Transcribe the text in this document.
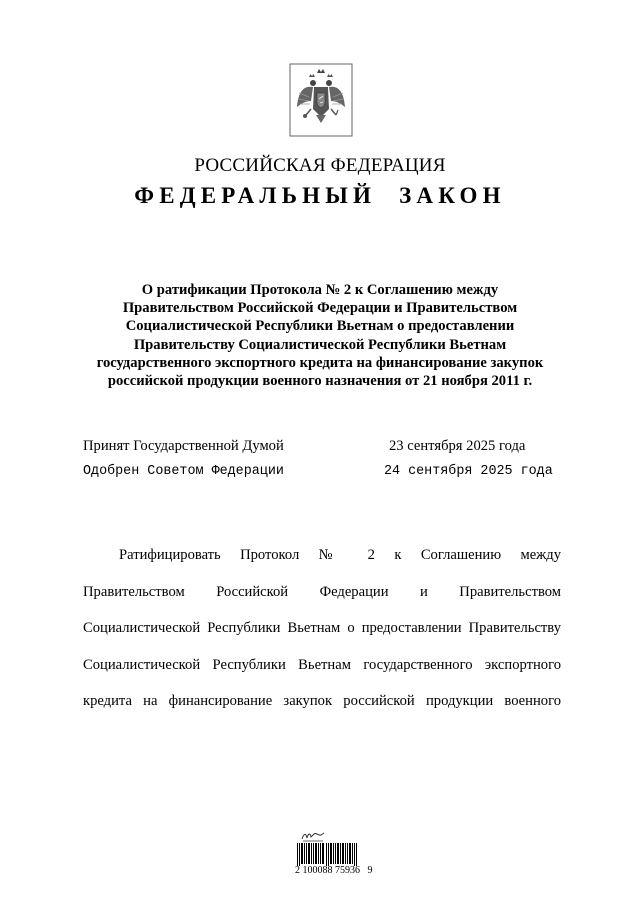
РОССИЙСКАЯ ФЕДЕРАЦИЯ
ФЕДЕРАЛЬНЫЙ ЗАКОН
О ратификации Протокола № 2 к Соглашению между
Правительством Российской Федерации и Правительством
Социалистической Республики Вьетнам о предоставлении
Правительству Социалистической Республики Вьетнам
государственного экспортного кредита на финансирование закупок
российской продукции военного назначения от 21 ноября 2011 г.
Принят Государственной Думой	23 сентября 2025 года
Одобрен Советом Федерации	24 сентября 2025 года
Ратифицировать Протокол № 2 к Соглашению между
Правительством Российской Федерации и Правительством
Социалистической Республики Вьетнам о предоставлении Правительству
Социалистической Республики Вьетнам государственного экспортного
кредита на финансирование закупок российской продукции военного
2 100088 75936   9
